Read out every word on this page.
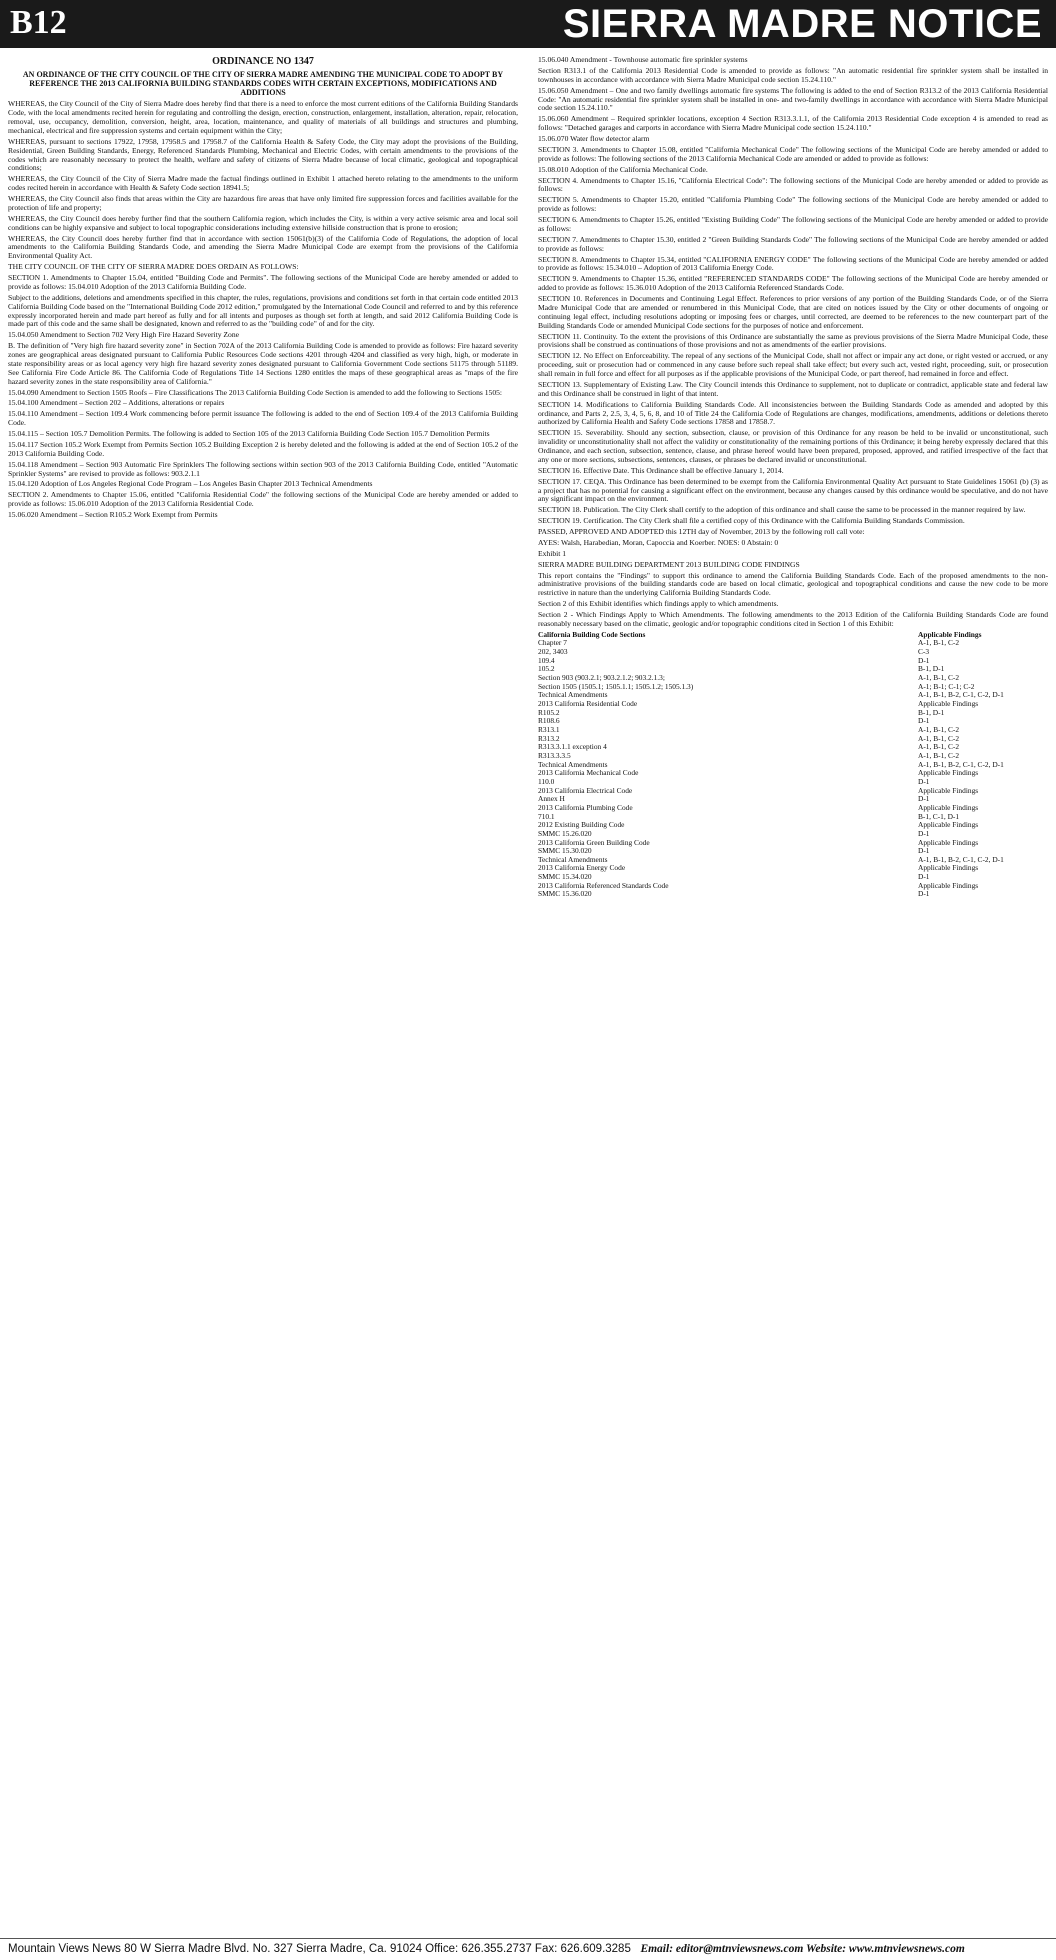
B12	SIERRA MADRE NOTICE
ORDINANCE NO 1347
AN ORDINANCE OF THE CITY COUNCIL OF THE CITY OF SIERRA MADRE AMENDING THE MUNICIPAL CODE TO ADOPT BY REFERENCE THE 2013 CALIFORNIA BUILDING STANDARDS CODES WITH CERTAIN EXCEPTIONS, MODIFICATIONS AND ADDITIONS

WHEREAS, the City Council of the City of Sierra Madre does hereby find that there is a need to enforce the most current editions of the California Building Standards Code, with the local amendments recited herein for regulating and controlling the design, erection, construction, enlargement, installation, alteration, repair, relocation, removal, use, occupancy, demolition, conversion, height, area, location, maintenance, and quality of materials of all buildings and structures and plumbing, mechanical, electrical and fire suppression systems and certain equipment within the City;

WHEREAS, pursuant to sections 17922, 17958, 17958.5 and 17958.7 of the California Health & Safety Code, the City may adopt the provisions of the Building, Residential, Green Building Standards, Energy, Referenced Standards Plumbing, Mechanical and Electric Codes, with certain amendments to the provisions of the codes which are reasonably necessary to protect the health, welfare and safety of citizens of Sierra Madre because of local climatic, geological and topographical conditions;

WHEREAS, the City Council of the City of Sierra Madre made the factual findings outlined in Exhibit 1 attached hereto relating to the amendments to the uniform codes recited herein in accordance with Health & Safety Code section 18941.5;

WHEREAS, the City Council also finds that areas within the City are hazardous fire areas that have only limited fire suppression forces and facilities available for the protection of life and property;

WHEREAS, the City Council does hereby further find that the southern California region, which includes the City, is within a very active seismic area and local soil conditions can be highly expansive and subject to local topographic considerations including extensive hillside construction that is prone to erosion;

WHEREAS, the City Council does hereby further find that in accordance with section 15061(b)(3) of the California Code of Regulations, the adoption of local amendments to the California Building Standards Code, and amending the Sierra Madre Municipal Code are exempt from the provisions of the California Environmental Quality Act.

THE CITY COUNCIL OF THE CITY OF SIERRA MADRE DOES ORDAIN AS FOLLOWS:

SECTION 1. Amendments to Chapter 15.04, entitled "Building Code and Permits". The following sections of the Municipal Code are hereby amended or added to provide as follows: 15.04.010 Adoption of the 2013 California Building Code.

Subject to the additions, deletions and amendments specified in this chapter, the rules, regulations, provisions and conditions set forth in that certain code entitled 2013 California Building Code based on the "International Building Code 2012 edition," promulgated by the International Code Council and referred to and by this reference expressly incorporated herein and made part hereof as fully and for all intents and purposes as though set forth at length, and said 2012 California Building Code is made part of this code and the same shall be designated, known and referred to as the "building code" of and for the city.

15.04.050 Amendment to Section 702 Very High Fire Hazard Severity Zone

B. The definition of "Very high fire hazard severity zone" in Section 702A of the 2013 California Building Code is amended to provide as follows: Fire hazard severity zones are geographical areas designated pursuant to California Public Resources Code sections 4201 through 4204 and classified as very high, high, or moderate in state responsibility areas or as local agency very high fire hazard severity zones designated pursuant to California Government Code sections 51175 through 51189. See California Fire Code Article 86. The California Code of Regulations Title 14 Sections 1280 entitles the maps of these geographical areas as "maps of the fire hazard severity zones in the state responsibility area of California."

15.04.090 Amendment to Section 1505 Roofs – Fire Classifications The 2013 California Building Code Section is amended to add the following to Sections 1505:

15.04.100 Amendment – Section 202 – Additions, alterations or repairs

15.04.110 Amendment – Section 109.4 Work commencing before permit issuance The following is added to the end of Section 109.4 of the 2013 California Building Code.

15.04.115 – Section 105.7 Demolition Permits. The following is added to Section 105 of the 2013 California Building Code Section 105.7 Demolition Permits

15.04.117 Section 105.2 Work Exempt from Permits Section 105.2 Building Exception 2 is hereby deleted and the following is added at the end of Section 105.2 of the 2013 California Building Code.

15.04.118 Amendment – Section 903 Automatic Fire Sprinklers The following sections within section 903 of the 2013 California Building Code, entitled "Automatic Sprinkler Systems" are revised to provide as follows: 903.2.1.1

15.04.120 Adoption of Los Angeles Regional Code Program – Los Angeles Basin Chapter 2013 Technical Amendments

SECTION 2. Amendments to Chapter 15.06, entitled "California Residential Code" the following sections of the Municipal Code are hereby amended or added to provide as follows: 15.06.010 Adoption of the 2013 California Residential Code.

15.06.020 Amendment – Section R105.2 Work Exempt from Permits

15.06.040 Amendment - Townhouse automatic fire sprinkler systems

Section R313.1 of the California 2013 Residential Code is amended to provide as follows: "An automatic residential fire sprinkler system shall be installed in townhouses in accordance with accordance with Sierra Madre Municipal code section 15.24.110."

15.06.050 Amendment – One and two family dwellings automatic fire systems The following is added to the end of Section R313.2 of the 2013 California Residential Code: "An automatic residential fire sprinkler system shall be installed in one- and two-family dwellings in accordance with accordance with Sierra Madre Municipal code section 15.24.110."

15.06.060 Amendment – Required sprinkler locations, exception 4 Section R313.3.1.1, of the California 2013 Residential Code exception 4 is amended to read as follows: "Detached garages and carports in accordance with Sierra Madre Municipal code section 15.24.110."

15.06.070 Water flow detector alarm

SECTION 3. Amendments to Chapter 15.08, entitled "California Mechanical Code" The following sections of the Municipal Code are hereby amended or added to provide as follows: The following sections of the 2013 California Mechanical Code are amended or added to provide as follows:

15.08.010 Adoption of the California Mechanical Code.

SECTION 4. Amendments to Chapter 15.16, "California Electrical Code": The following sections of the Municipal Code are hereby amended or added to provide as follows:

SECTION 5. Amendments to Chapter 15.20, entitled "California Plumbing Code" The following sections of the Municipal Code are hereby amended or added to provide as follows:

SECTION 6. Amendments to Chapter 15.26, entitled "Existing Building Code" The following sections of the Municipal Code are hereby amended or added to provide as follows:

SECTION 7. Amendments to Chapter 15.30, entitled 2 "Green Building Standards Code" The following sections of the Municipal Code are hereby amended or added to provide as follows:

SECTION 8. Amendments to Chapter 15.34, entitled "CALIFORNIA ENERGY CODE" The following sections of the Municipal Code are hereby amended or added to provide as follows: 15.34.010 – Adoption of 2013 California Energy Code.

SECTION 9. Amendments to Chapter 15.36, entitled "REFERENCED STANDARDS CODE" The following sections of the Municipal Code are hereby amended or added to provide as follows: 15.36.010 Adoption of the 2013 California Referenced Standards Code.

SECTION 10. References in Documents and Continuing Legal Effect. References to prior versions of any portion of the Building Standards Code, or of the Sierra Madre Municipal Code that are amended or renumbered in this Municipal Code, that are cited on notices issued by the City or other documents of ongoing or continuing legal effect, including resolutions adopting or imposing fees or charges, until corrected, are deemed to be references to the new counterpart part of the Building Standards Code or amended Municipal Code sections for the purposes of notice and enforcement.

SECTION 11. Continuity. To the extent the provisions of this Ordinance are substantially the same as previous provisions of the Sierra Madre Municipal Code, these provisions shall be construed as continuations of those provisions and not as amendments of the earlier provisions.

SECTION 12. No Effect on Enforceability. The repeal of any sections of the Municipal Code, shall not affect or impair any act done, or right vested or accrued, or any proceeding, suit or prosecution had or commenced in any cause before such repeal shall take effect; but every such act, vested right, proceeding, suit, or prosecution shall remain in full force and effect for all purposes as if the applicable provisions of the Municipal Code, or part thereof, had remained in force and effect.

SECTION 13. Supplementary of Existing Law. The City Council intends this Ordinance to supplement, not to duplicate or contradict, applicable state and federal law and this Ordinance shall be construed in light of that intent.

SECTION 14. Modifications to California Building Standards Code. All inconsistencies between the Building Standards Code as amended and adopted by this ordinance, and Parts 2, 2.5, 3, 4, 5, 6, 8, and 10 of Title 24 the California Code of Regulations are changes, modifications, amendments, additions or deletions thereto authorized by California Health and Safety Code sections 17858 and 17858.7.

SECTION 15. Severability. Should any section, subsection, clause, or provision of this Ordinance for any reason be held to be invalid or unconstitutional, such invalidity or unconstitutionality shall not affect the validity or constitutionality of the remaining portions of this Ordinance; it being hereby expressly declared that this Ordinance, and each section, subsection, sentence, clause, and phrase hereof would have been prepared, proposed, approved, and ratified irrespective of the fact that any one or more sections, subsections, sentences, clauses, or phrases be declared invalid or unconstitutional.

SECTION 16. Effective Date. This Ordinance shall be effective January 1, 2014.

SECTION 17. CEQA. This Ordinance has been determined to be exempt from the California Environmental Quality Act pursuant to State Guidelines 15061 (b) (3) as a project that has no potential for causing a significant effect on the environment, because any changes caused by this ordinance would be speculative, and do not have any significant impact on the environment.

SECTION 18. Publication. The City Clerk shall certify to the adoption of this ordinance and shall cause the same to be processed in the manner required by law.

SECTION 19. Certification. The City Clerk shall file a certified copy of this Ordinance with the California Building Standards Commission.

PASSED, APPROVED AND ADOPTED this 12TH day of November, 2013 by the following roll call vote:

AYES: Walsh, Harabedian, Moran, Capoccia and Koerber. NOES: 0 Abstain: 0

Exhibit 1

SIERRA MADRE BUILDING DEPARTMENT 2013 BUILDING CODE FINDINGS

This report contains the "Findings" to support this ordinance to amend the California Building Standards Code. Each of the proposed amendments to the non-administrative provisions of the building standards code are based on local climatic, geological and topographical conditions and cause the new code to be more restrictive in nature than the underlying California Building Standards Code.

Section 2 of this Exhibit identifies which findings apply to which amendments.

Section 2 - Which Findings Apply to Which Amendments. The following amendments to the 2013 Edition of the California Building Standards Code are found reasonably necessary based on the climatic, geologic and/or topographic conditions cited in Section 1 of this Exhibit:

California Building Code Sections	Applicable Findings
Chapter 7	A-1, B-1, C-2
202, 3403	C-3
109.4	D-1
105.2	B-1, D-1
Section 903 (903.2.1; 903.2.1.2; 903.2.1.3;	A-1, B-1, C-2
Section 1505 (1505.1; 1505.1.1; 1505.1.2; 1505.1.3)	A-1; B-1; C-1; C-2
Technical Amendments	A-1, B-1, B-2, C-1, C-2, D-1
2013 California Residential Code	Applicable Findings
R105.2	B-1, D-1
R108.6	D-1
R313.1	A-1, B-1, C-2
R313.2	A-1, B-1, C-2
R313.3.1.1 exception 4	A-1, B-1, C-2
R313.3.3.5	A-1, B-1, C-2
Technical Amendments	A-1, B-1, B-2, C-1, C-2, D-1
2013 California Mechanical Code	Applicable Findings
110.0	D-1
2013 California Electrical Code	Applicable Findings
Annex H	D-1
2013 California Plumbing Code	Applicable Findings
710.1	B-1, C-1, D-1
2012 Existing Building Code	Applicable Findings
SMMC 15.26.020	D-1
2013 California Green Building Code	Applicable Findings
SMMC 15.30.020	D-1
Technical Amendments	A-1, B-1, B-2, C-1, C-2, D-1
2013 California Energy Code	Applicable Findings
SMMC 15.34.020	D-1
2013 California Referenced Standards Code	Applicable Findings
SMMC 15.36.020	D-1
Mountain Views News 80 W Sierra Madre Blvd. No. 327 Sierra Madre, Ca. 91024 Office: 626.355.2737 Fax: 626.609.3285 Email: editor@mtnviewsnews.com Website: www.mtnviewsnews.com
